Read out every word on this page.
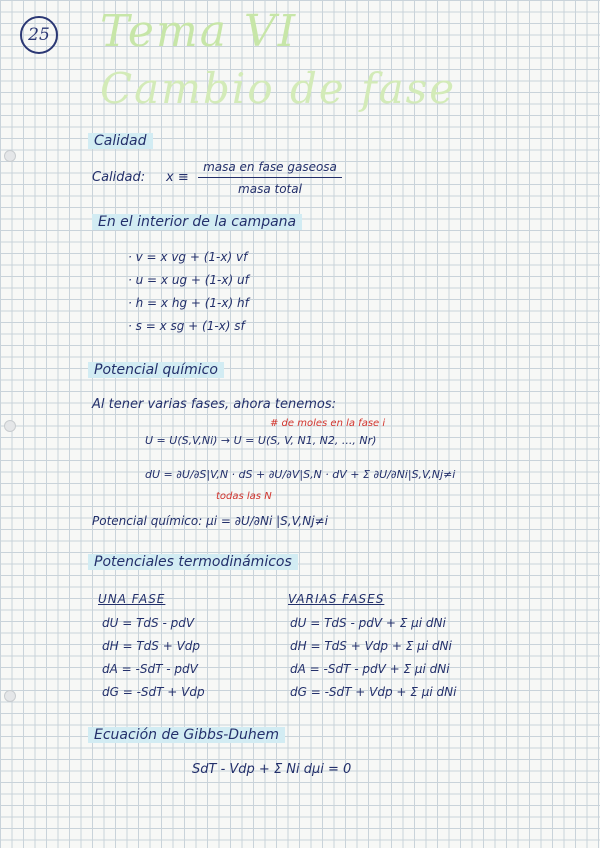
25 Tema VI
Cambio de fase
Calidad
Calidad: x ≡
masa en fase gaseosa
masa total
En el interior de la campana
· v = x vg + (1-x) vf
· u = x ug + (1-x) uf
· h = x hg + (1-x) hf
· s = x sg + (1-x) sf
Potencial químico
Al tener varias fases, ahora tenemos:
# de moles en la fase i
U = U(S,V,Ni) → U = U(S, V, N1, N2, ..., Nr)
dU = ∂U/∂S|V,N · dS + ∂U/∂V|S,N · dV + Σ ∂U/∂Ni|S,V,Nj≠i
todas las N
Potencial químico: μi = ∂U/∂Ni |S,V,Nj≠i
Potenciales termodinámicos
UNA FASE	VARIAS FASES
dU = TdS - pdV
dH = TdS + Vdp
dA = -SdT - pdV
dG = -SdT + Vdp
dU = TdS - pdV + Σ μi dNi
dH = TdS + Vdp + Σ μi dNi
dA = -SdT - pdV + Σ μi dNi
dG = -SdT + Vdp + Σ μi dNi
Ecuación de Gibbs-Duhem
SdT - Vdp + Σ Ni dμi = 0
